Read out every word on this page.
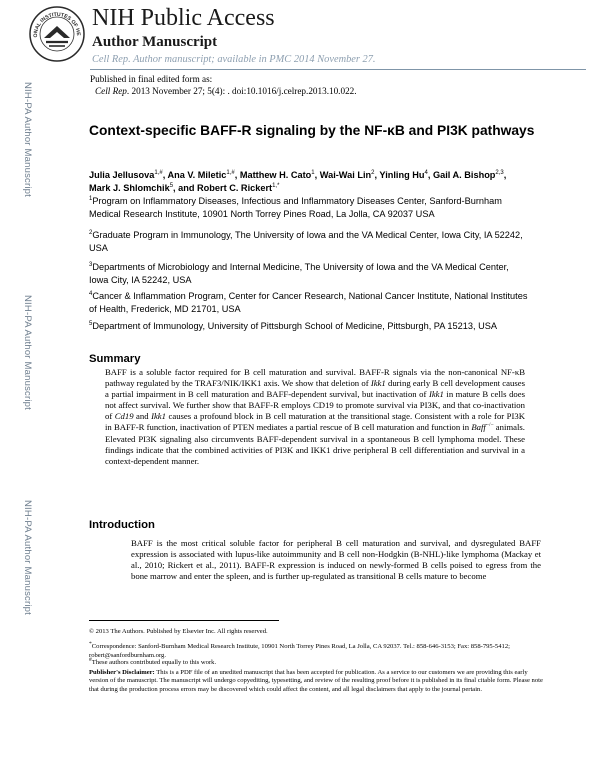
ONAL INSTITUTES OF HE
NIH Public Access
Author Manuscript
Cell Rep. Author manuscript; available in PMC 2014 November 27.
Published in final edited form as:
Cell Rep. 2013 November 27; 5(4): . doi:10.1016/j.celrep.2013.10.022.
NIH-PA Author Manuscript
NIH-PA Author Manuscript
NIH-PA Author Manuscript
Context-specific BAFF-R signaling by the NF-κB and PI3K pathways
Julia Jellusova$^{1,\#}$, Ana V. Miletic$^{1,\#}$, Matthew H. Cato$^1$, Wai-Wai Lin$^2$, Yinling Hu$^4$, Gail A. Bishop$^{2,3}$, Mark J. Shlomchik$^5$, and Robert C. Rickert$^{1,*}$
$^1$Program on Inflammatory Diseases, Infectious and Inflammatory Diseases Center, Sanford-Burnham Medical Research Institute, 10901 North Torrey Pines Road, La Jolla, CA 92037 USA
$^2$Graduate Program in Immunology, The University of Iowa and the VA Medical Center, Iowa City, IA 52242, USA
$^3$Departments of Microbiology and Internal Medicine, The University of Iowa and the VA Medical Center, Iowa City, IA 52242, USA
$^4$Cancer & Inflammation Program, Center for Cancer Research, National Cancer Institute, National Institutes of Health, Frederick, MD 21701, USA
$^5$Department of Immunology, University of Pittsburgh School of Medicine, Pittsburgh, PA 15213, USA
Summary

BAFF is a soluble factor required for B cell maturation and survival. BAFF-R signals via the non-canonical NF-κB pathway regulated by the TRAF3/NIK/IKK1 axis. We show that deletion of Ikk1 during early B cell development causes a partial impairment in B cell maturation and BAFF-dependent survival, but inactivation of Ikk1 in mature B cells does not affect survival. We further show that BAFF-R employs CD19 to promote survival via PI3K, and that co-inactivation of Cd19 and Ikk1 causes a profound block in B cell maturation at the transitional stage. Consistent with a role for PI3K in BAFF-R function, inactivation of PTEN mediates a partial rescue of B cell maturation and function in Baff−/− animals. Elevated PI3K signaling also circumvents BAFF-dependent survival in a spontaneous B cell lymphoma model. These findings indicate that the combined activities of PI3K and IKK1 drive peripheral B cell differentiation and survival in a context-dependent manner.

Introduction

BAFF is the most critical soluble factor for peripheral B cell maturation and survival, and dysregulated BAFF expression is associated with lupus-like autoimmunity and B cell non-Hodgkin (B-NHL)-like lymphoma (Mackay et al., 2010; Rickert et al., 2011). BAFF-R expression is induced on newly-formed B cells poised to egress from the bone marrow and enter the spleen, and is further up-regulated as transitional B cells mature to become

© 2013 The Authors. Published by Elsevier Inc. All rights reserved.
*Correspondence: Sanford-Burnham Medical Research Institute, 10901 North Torrey Pines Road, La Jolla, CA 92037. Tel.: 858-646-3153; Fax: 858-795-5412; robert@sanfordburnham.org.
#These authors contributed equally to this work.
Publisher's Disclaimer: This is a PDF file of an unedited manuscript that has been accepted for publication. As a service to our customers we are providing this early version of the manuscript. The manuscript will undergo copyediting, typesetting, and review of the resulting proof before it is published in its final citable form. Please note that during the production process errors may be discovered which could affect the content, and all legal disclaimers that apply to the journal pertain.
